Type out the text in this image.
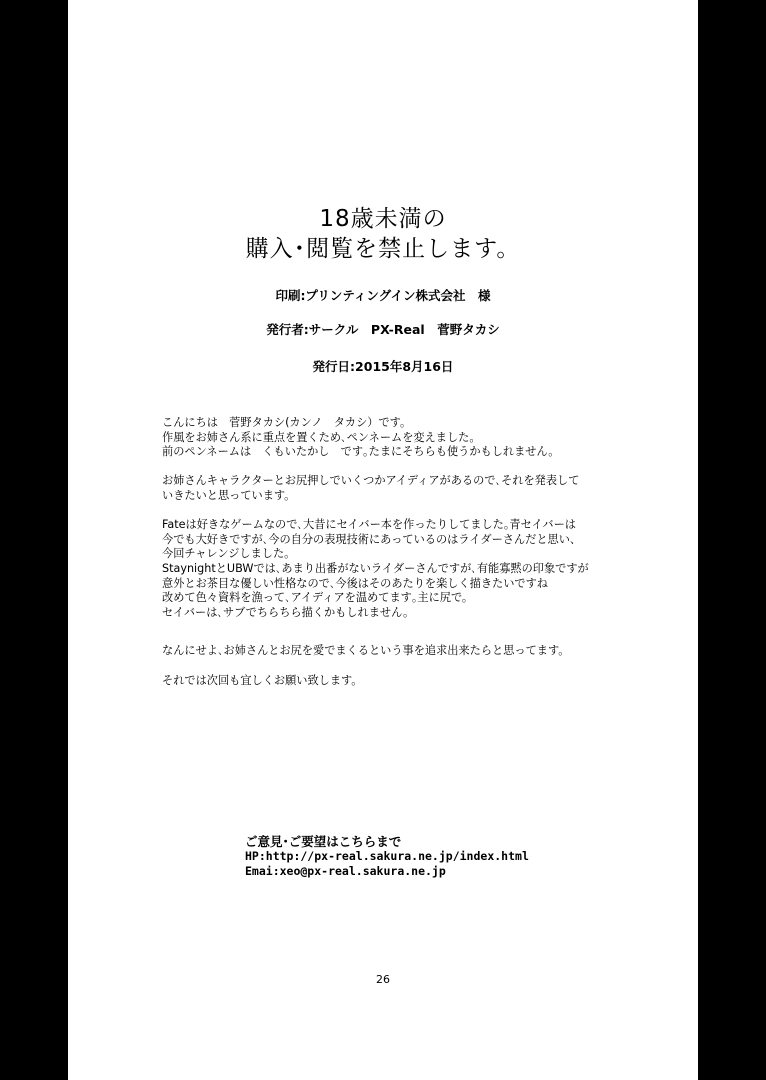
18歳未満の
購入･閲覧を禁止します。
印刷:プリンティングイン株式会社　様
発行者:サークル　PX-Real　菅野タカシ
発行日:2015年8月16日

こんにちは　菅野タカシ(カンノ　タカシ）です。

作風をお姉さん系に重点を置くため､ペンネームを変えました。

前のペンネームは　くもいたかし　です｡たまにそちらも使うかもしれません。

お姉さんキャラクターとお尻押しでいくつかアイディアがあるので､それを発表して

いきたいと思っています。

Fateは好きなゲームなので､大昔にセイバー本を作ったりしてました｡青セイバーは

今でも大好きですが､今の自分の表現技術にあっているのはライダーさんだと思い、

今回チャレンジしました。

StaynightとUBWでは､あまり出番がないライダーさんですが､有能寡黙の印象ですが

意外とお茶目な優しい性格なので､今後はそのあたりを楽しく描きたいですね

改めて色々資料を漁って､アイディアを温めてます｡主に尻で。

セイバーは､サブでちらちら描くかもしれません。

なんにせよ､お姉さんとお尻を愛でまくるという事を追求出来たらと思ってます。

それでは次回も宜しくお願い致します。

ご意見･ご要望はこちらまで
HP:http://px-real.sakura.ne.jp/index.html
Emai:xeo@px-real.sakura.ne.jp
26
